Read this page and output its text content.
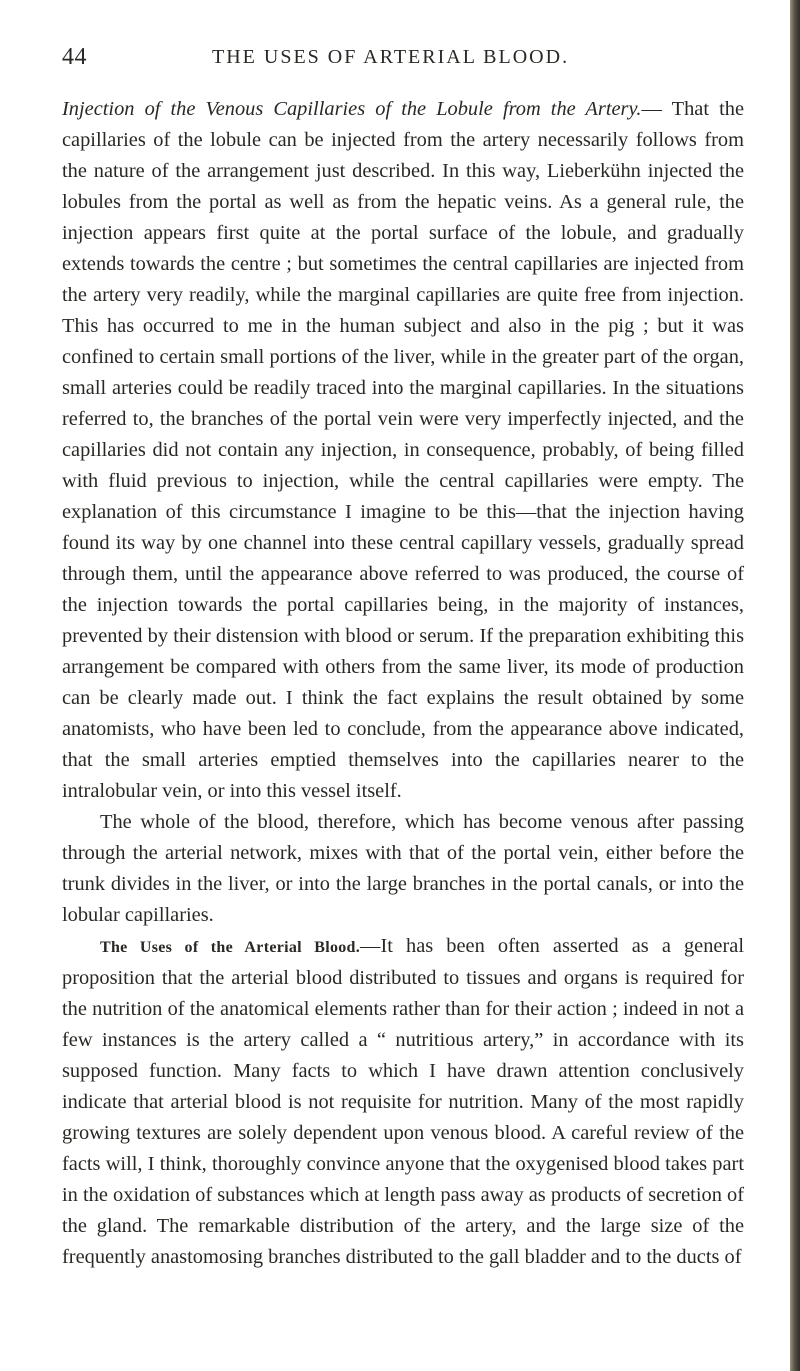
44	THE USES OF ARTERIAL BLOOD.

Injection of the Venous Capillaries of the Lobule from the Artery.— That the capillaries of the lobule can be injected from the artery necessarily follows from the nature of the arrangement just described. In this way, Lieberkühn injected the lobules from the portal as well as from the hepatic veins. As a general rule, the injection appears first quite at the portal surface of the lobule, and gradually extends towards the centre ; but sometimes the central capillaries are injected from the artery very readily, while the marginal capillaries are quite free from injection. This has occurred to me in the human subject and also in the pig ; but it was confined to certain small portions of the liver, while in the greater part of the organ, small arteries could be readily traced into the marginal capillaries. In the situations referred to, the branches of the portal vein were very imperfectly injected, and the capillaries did not contain any injection, in consequence, probably, of being filled with fluid previous to injection, while the central capillaries were empty. The explanation of this circumstance I imagine to be this—that the injection having found its way by one channel into these central capillary vessels, gradually spread through them, until the appearance above referred to was produced, the course of the injection towards the portal capillaries being, in the majority of instances, prevented by their distension with blood or serum. If the preparation exhibiting this arrangement be compared with others from the same liver, its mode of production can be clearly made out. I think the fact explains the result obtained by some anatomists, who have been led to conclude, from the appearance above indicated, that the small arteries emptied themselves into the capillaries nearer to the intralobular vein, or into this vessel itself.

The whole of the blood, therefore, which has become venous after passing through the arterial network, mixes with that of the portal vein, either before the trunk divides in the liver, or into the large branches in the portal canals, or into the lobular capillaries.

The Uses of the Arterial Blood.—It has been often asserted as a general proposition that the arterial blood distributed to tissues and organs is required for the nutrition of the anatomical elements rather than for their action ; indeed in not a few instances is the artery called a “ nutritious artery,” in accordance with its supposed function. Many facts to which I have drawn attention conclusively indicate that arterial blood is not requisite for nutrition. Many of the most rapidly growing textures are solely dependent upon venous blood. A careful review of the facts will, I think, thoroughly convince anyone that the oxygenised blood takes part in the oxidation of substances which at length pass away as products of secretion of the gland. The remarkable distribution of the artery, and the large size of the frequently anastomosing branches distributed to the gall bladder and to the ducts of
